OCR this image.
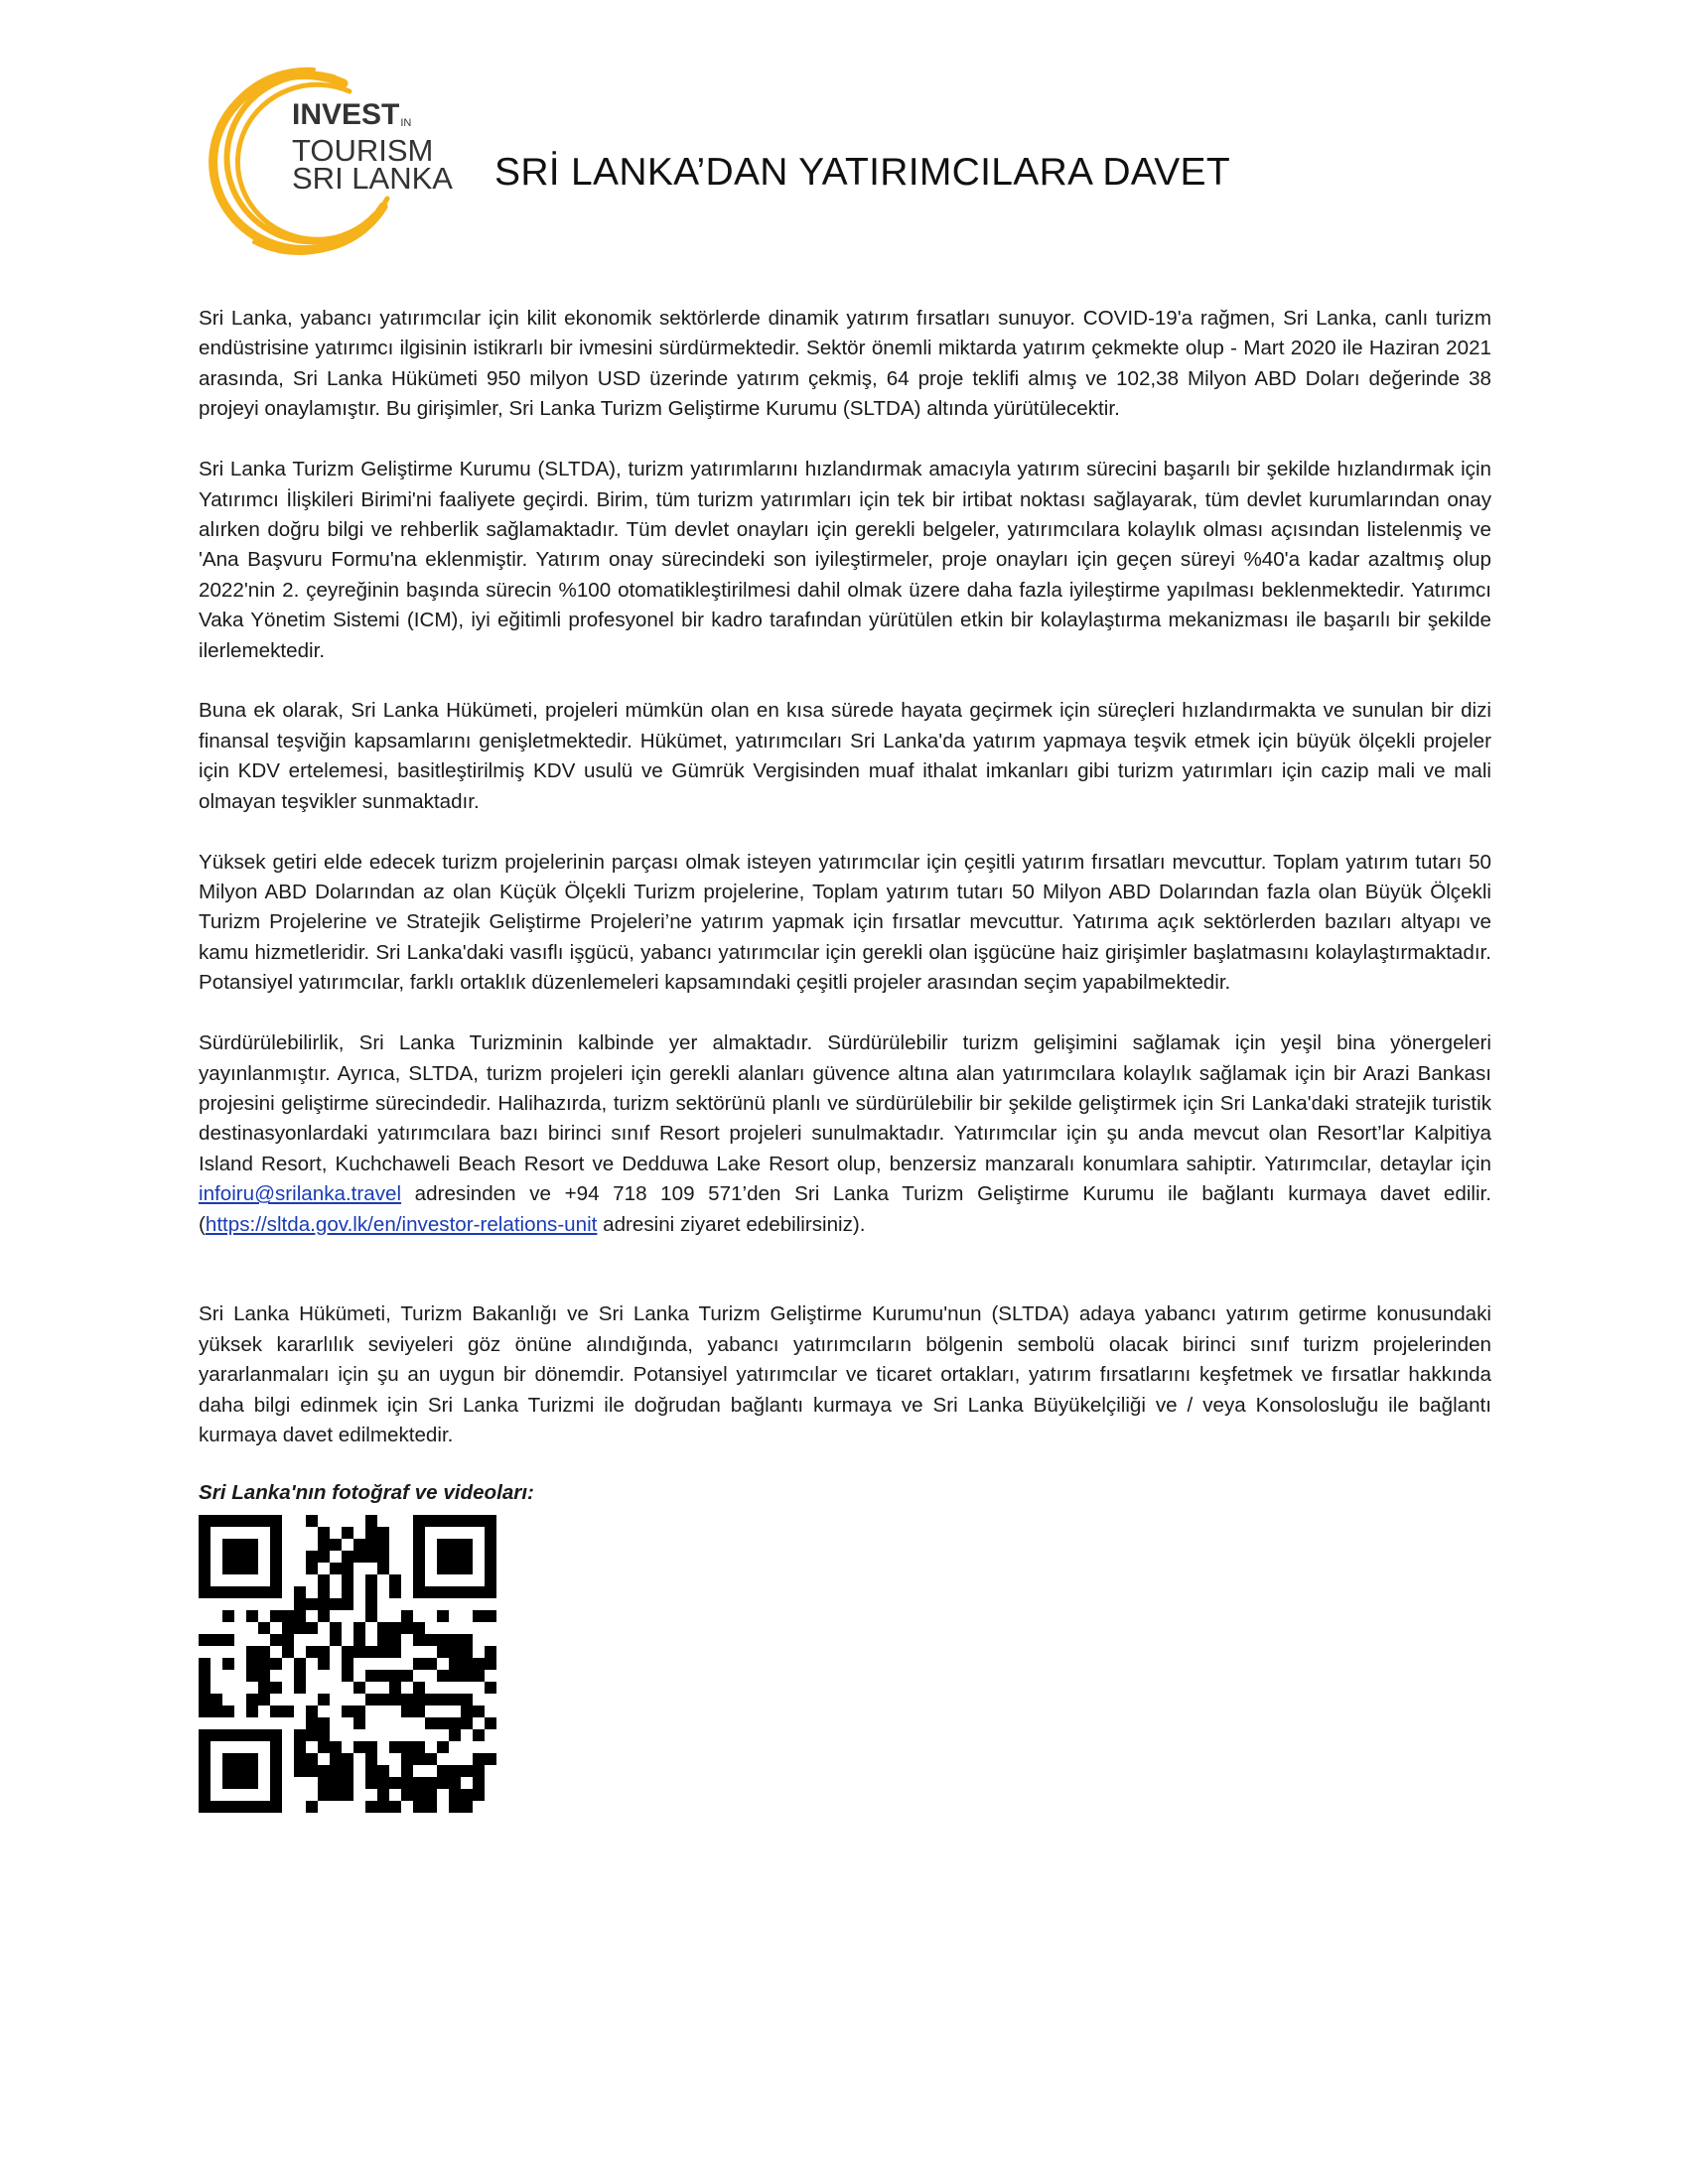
INVESTIN
TOURISM
SRI LANKA SRİ LANKA’DAN YATIRIMCILARA DAVET

Sri Lanka, yabancı yatırımcılar için kilit ekonomik sektörlerde dinamik yatırım fırsatları sunuyor. COVID-19'a rağmen, Sri Lanka, canlı turizm endüstrisine yatırımcı ilgisinin istikrarlı bir ivmesini sürdürmektedir. Sektör önemli miktarda yatırım çekmekte olup - Mart 2020 ile Haziran 2021 arasında, Sri Lanka Hükümeti 950 milyon USD üzerinde yatırım çekmiş, 64 proje teklifi almış ve 102,38 Milyon ABD Doları değerinde 38 projeyi onaylamıştır. Bu girişimler, Sri Lanka Turizm Geliştirme Kurumu (SLTDA) altında yürütülecektir.

Sri Lanka Turizm Geliştirme Kurumu (SLTDA), turizm yatırımlarını hızlandırmak amacıyla yatırım sürecini başarılı bir şekilde hızlandırmak için Yatırımcı İlişkileri Birimi'ni faaliyete geçirdi. Birim, tüm turizm yatırımları için tek bir irtibat noktası sağlayarak, tüm devlet kurumlarından onay alırken doğru bilgi ve rehberlik sağlamaktadır. Tüm devlet onayları için gerekli belgeler, yatırımcılara kolaylık olması açısından listelenmiş ve 'Ana Başvuru Formu'na eklenmiştir. Yatırım onay sürecindeki son iyileştirmeler, proje onayları için geçen süreyi %40'a kadar azaltmış olup 2022'nin 2. çeyreğinin başında sürecin %100 otomatikleştirilmesi dahil olmak üzere daha fazla iyileştirme yapılması beklenmektedir. Yatırımcı Vaka Yönetim Sistemi (ICM), iyi eğitimli profesyonel bir kadro tarafından yürütülen etkin bir kolaylaştırma mekanizması ile başarılı bir şekilde ilerlemektedir.

Buna ek olarak, Sri Lanka Hükümeti, projeleri mümkün olan en kısa sürede hayata geçirmek için süreçleri hızlandırmakta ve sunulan bir dizi finansal teşviğin kapsamlarını genişletmektedir. Hükümet, yatırımcıları Sri Lanka'da yatırım yapmaya teşvik etmek için büyük ölçekli projeler için KDV ertelemesi, basitleştirilmiş KDV usulü ve Gümrük Vergisinden muaf ithalat imkanları gibi turizm yatırımları için cazip mali ve mali olmayan teşvikler sunmaktadır.

Yüksek getiri elde edecek turizm projelerinin parçası olmak isteyen yatırımcılar için çeşitli yatırım fırsatları mevcuttur. Toplam yatırım tutarı 50 Milyon ABD Dolarından az olan Küçük Ölçekli Turizm projelerine, Toplam yatırım tutarı 50 Milyon ABD Dolarından fazla olan Büyük Ölçekli Turizm Projelerine ve Stratejik Geliştirme Projeleri’ne yatırım yapmak için fırsatlar mevcuttur. Yatırıma açık sektörlerden bazıları altyapı ve kamu hizmetleridir. Sri Lanka'daki vasıflı işgücü, yabancı yatırımcılar için gerekli olan işgücüne haiz girişimler başlatmasını kolaylaştırmaktadır. Potansiyel yatırımcılar, farklı ortaklık düzenlemeleri kapsamındaki çeşitli projeler arasından seçim yapabilmektedir.

Sürdürülebilirlik, Sri Lanka Turizminin kalbinde yer almaktadır. Sürdürülebilir turizm gelişimini sağlamak için yeşil bina yönergeleri yayınlanmıştır. Ayrıca, SLTDA, turizm projeleri için gerekli alanları güvence altına alan yatırımcılara kolaylık sağlamak için bir Arazi Bankası projesini geliştirme sürecindedir. Halihazırda, turizm sektörünü planlı ve sürdürülebilir bir şekilde geliştirmek için Sri Lanka'daki stratejik turistik destinasyonlardaki yatırımcılara bazı birinci sınıf Resort projeleri sunulmaktadır. Yatırımcılar için şu anda mevcut olan Resort’lar Kalpitiya Island Resort, Kuchchaweli Beach Resort ve Dedduwa Lake Resort olup, benzersiz manzaralı konumlara sahiptir. Yatırımcılar, detaylar için infoiru@srilanka.travel adresinden ve +94 718 109 571’den Sri Lanka Turizm Geliştirme Kurumu ile bağlantı kurmaya davet edilir. (https://sltda.gov.lk/en/investor-relations-unit adresini ziyaret edebilirsiniz).

Sri Lanka Hükümeti, Turizm Bakanlığı ve Sri Lanka Turizm Geliştirme Kurumu'nun (SLTDA) adaya yabancı yatırım getirme konusundaki yüksek kararlılık seviyeleri göz önüne alındığında, yabancı yatırımcıların bölgenin sembolü olacak birinci sınıf turizm projelerinden yararlanmaları için şu an uygun bir dönemdir. Potansiyel yatırımcılar ve ticaret ortakları, yatırım fırsatlarını keşfetmek ve fırsatlar hakkında daha bilgi edinmek için Sri Lanka Turizmi ile doğrudan bağlantı kurmaya ve Sri Lanka Büyükelçiliği ve / veya Konsolosluğu ile bağlantı kurmaya davet edilmektedir.

Sri Lanka'nın fotoğraf ve videoları:
